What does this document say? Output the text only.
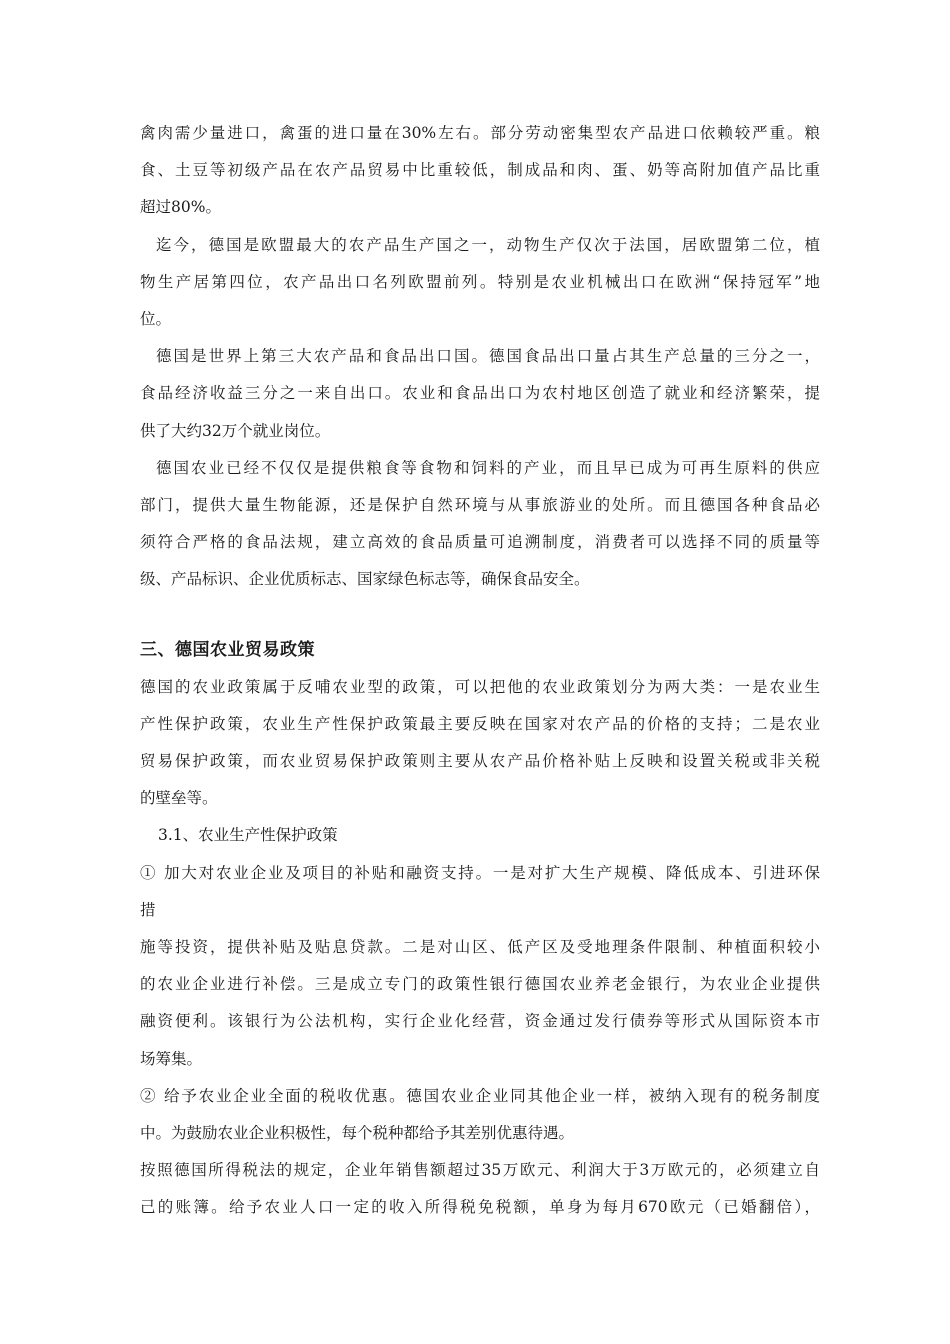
禽肉需少量进口，禽蛋的进口量在30%左右。部分劳动密集型农产品进口依赖较严重。粮
食、土豆等初级产品在农产品贸易中比重较低，制成品和肉、蛋、奶等高附加值产品比重
超过80%。

迄今，德国是欧盟最大的农产品生产国之一，动物生产仅次于法国，居欧盟第二位，植
物生产居第四位，农产品出口名列欧盟前列。特别是农业机械出口在欧洲“保持冠军”地
位。

德国是世界上第三大农产品和食品出口国。德国食品出口量占其生产总量的三分之一，
食品经济收益三分之一来自出口。农业和食品出口为农村地区创造了就业和经济繁荣，提
供了大约32万个就业岗位。

德国农业已经不仅仅是提供粮食等食物和饲料的产业，而且早已成为可再生原料的供应
部门，提供大量生物能源，还是保护自然环境与从事旅游业的处所。而且德国各种食品必
须符合严格的食品法规，建立高效的食品质量可追溯制度，消费者可以选择不同的质量等
级、产品标识、企业优质标志、国家绿色标志等，确保食品安全。

三、德国农业贸易政策

德国的农业政策属于反哺农业型的政策，可以把他的农业政策划分为两大类：一是农业生
产性保护政策，农业生产性保护政策最主要反映在国家对农产品的价格的支持；二是农业
贸易保护政策，而农业贸易保护政策则主要从农产品价格补贴上反映和设置关税或非关税
的壁垒等。

3.1、农业生产性保护政策

① 加大对农业企业及项目的补贴和融资支持。一是对扩大生产规模、降低成本、引进环保
措

施等投资，提供补贴及贴息贷款。二是对山区、低产区及受地理条件限制、种植面积较小
的农业企业进行补偿。三是成立专门的政策性银行德国农业养老金银行，为农业企业提供
融资便利。该银行为公法机构，实行企业化经营，资金通过发行债券等形式从国际资本市
场筹集。

② 给予农业企业全面的税收优惠。德国农业企业同其他企业一样，被纳入现有的税务制度
中。为鼓励农业企业积极性，每个税种都给予其差别优惠待遇。

按照德国所得税法的规定，企业年销售额超过35万欧元、利润大于3万欧元的，必须建立自
己的账簿。给予农业人口一定的收入所得税免税额，单身为每月670欧元（已婚翻倍），
